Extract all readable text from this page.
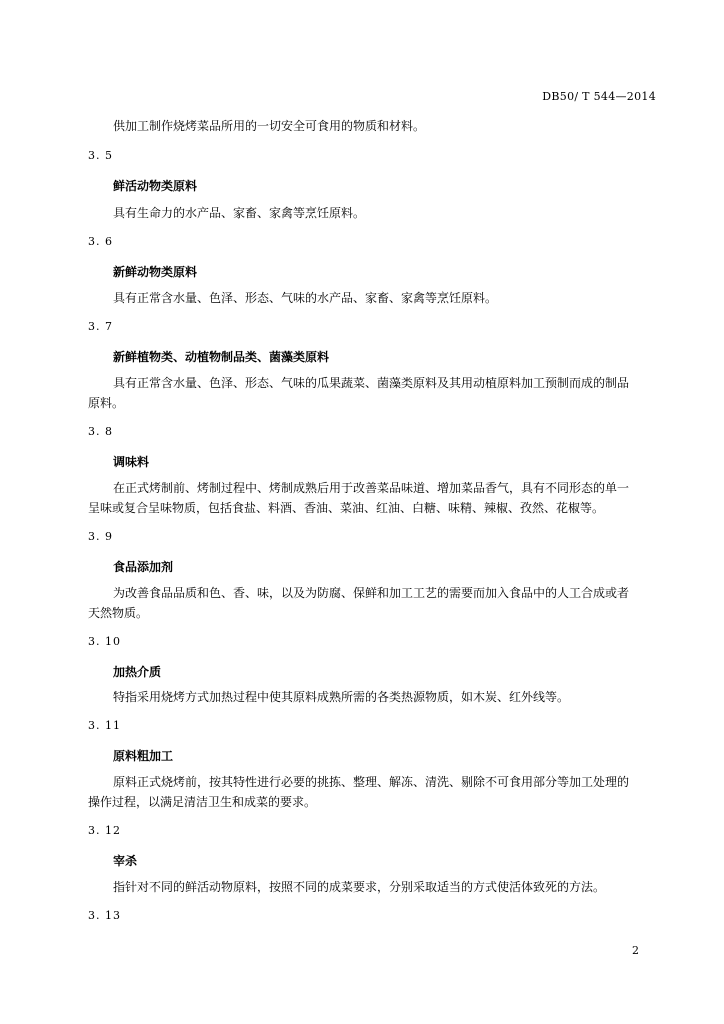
DB50/ T 544—2014
供加工制作烧烤菜品所用的一切安全可食用的物质和材料。
3. 5
鲜活动物类原料
具有生命力的水产品、家畜、家禽等烹饪原料。
3. 6
新鲜动物类原料
具有正常含水量、色泽、形态、气味的水产品、家畜、家禽等烹饪原料。
3. 7
新鲜植物类、动植物制品类、菌藻类原料
具有正常含水量、色泽、形态、气味的瓜果蔬菜、菌藻类原料及其用动植原料加工预制而成的制品
原料。
3. 8
调味料
在正式烤制前、烤制过程中、烤制成熟后用于改善菜品味道、增加菜品香气，具有不同形态的单一
呈味或复合呈味物质，包括食盐、料酒、香油、菜油、红油、白糖、味精、辣椒、孜然、花椒等。
3. 9
食品添加剂
为改善食品品质和色、香、味，以及为防腐、保鲜和加工工艺的需要而加入食品中的人工合成或者
天然物质。
3. 10
加热介质
特指采用烧烤方式加热过程中使其原料成熟所需的各类热源物质，如木炭、红外线等。
3. 11
原料粗加工
原料正式烧烤前，按其特性进行必要的挑拣、整理、解冻、清洗、剔除不可食用部分等加工处理的
操作过程，以满足清洁卫生和成菜的要求。
3. 12
宰杀
指针对不同的鲜活动物原料，按照不同的成菜要求，分别采取适当的方式使活体致死的方法。
3. 13
2
